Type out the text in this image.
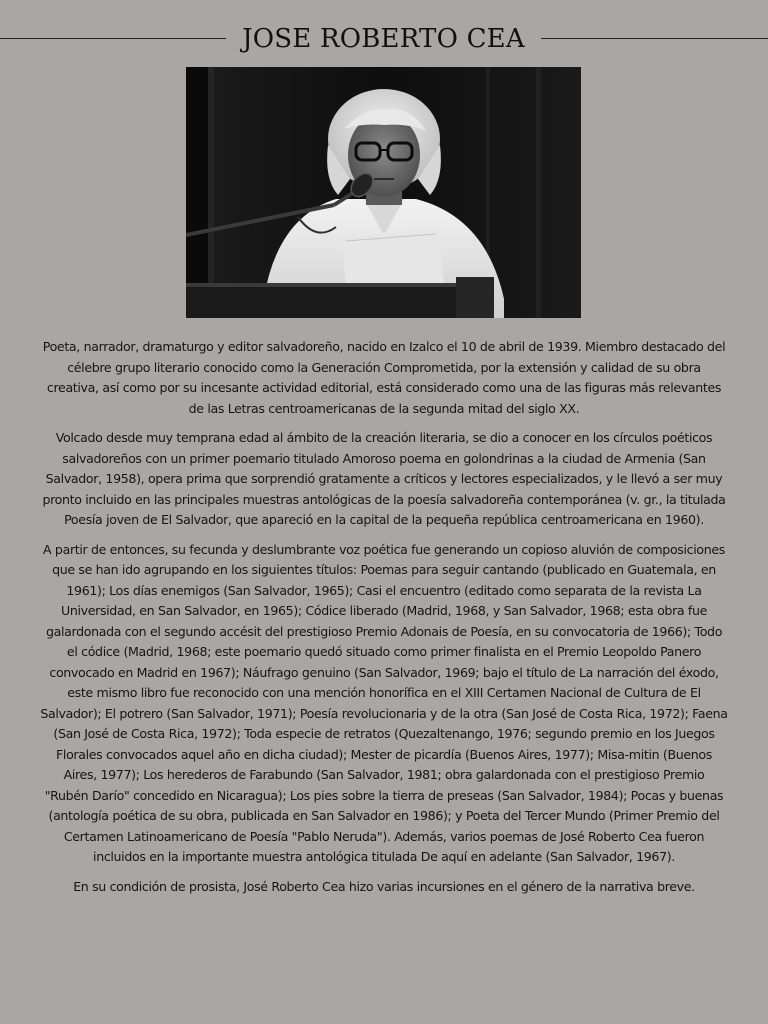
JOSE ROBERTO CEA

Poeta, narrador, dramaturgo y editor salvadoreño, nacido en Izalco el 10 de abril de 1939. Miembro destacado del célebre grupo literario conocido como la Generación Comprometida, por la extensión y calidad de su obra creativa, así como por su incesante actividad editorial, está considerado como una de las figuras más relevantes de las Letras centroamericanas de la segunda mitad del siglo XX.

Volcado desde muy temprana edad al ámbito de la creación literaria, se dio a conocer en los círculos poéticos salvadoreños con un primer poemario titulado Amoroso poema en golondrinas a la ciudad de Armenia (San Salvador, 1958), opera prima que sorprendió gratamente a críticos y lectores especializados, y le llevó a ser muy pronto incluido en las principales muestras antológicas de la poesía salvadoreña contemporánea (v. gr., la titulada Poesía joven de El Salvador, que apareció en la capital de la pequeña república centroamericana en 1960).

A partir de entonces, su fecunda y deslumbrante voz poética fue generando un copioso aluvión de composiciones que se han ido agrupando en los siguientes títulos: Poemas para seguir cantando (publicado en Guatemala, en 1961); Los días enemigos (San Salvador, 1965); Casi el encuentro (editado como separata de la revista La Universidad, en San Salvador, en 1965); Códice liberado (Madrid, 1968, y San Salvador, 1968; esta obra fue galardonada con el segundo accésit del prestigioso Premio Adonais de Poesía, en su convocatoria de 1966); Todo el códice (Madrid, 1968; este poemario quedó situado como primer finalista en el Premio Leopoldo Panero convocado en Madrid en 1967); Náufrago genuino (San Salvador, 1969; bajo el título de La narración del éxodo, este mismo libro fue reconocido con una mención honorífica en el XIII Certamen Nacional de Cultura de El Salvador); El potrero (San Salvador, 1971); Poesía revolucionaria y de la otra (San José de Costa Rica, 1972); Faena (San José de Costa Rica, 1972); Toda especie de retratos (Quezaltenango, 1976; segundo premio en los Juegos Florales convocados aquel año en dicha ciudad); Mester de picardía (Buenos Aires, 1977); Misa-mitin (Buenos Aires, 1977); Los herederos de Farabundo (San Salvador, 1981; obra galardonada con el prestigioso Premio "Rubén Darío" concedido en Nicaragua); Los pies sobre la tierra de preseas (San Salvador, 1984); Pocas y buenas (antología poética de su obra, publicada en San Salvador en 1986); y Poeta del Tercer Mundo (Primer Premio del Certamen Latinoamericano de Poesía "Pablo Neruda"). Además, varios poemas de José Roberto Cea fueron incluidos en la importante muestra antológica titulada De aquí en adelante (San Salvador, 1967).

En su condición de prosista, José Roberto Cea hizo varias incursiones en el género de la narrativa breve.
